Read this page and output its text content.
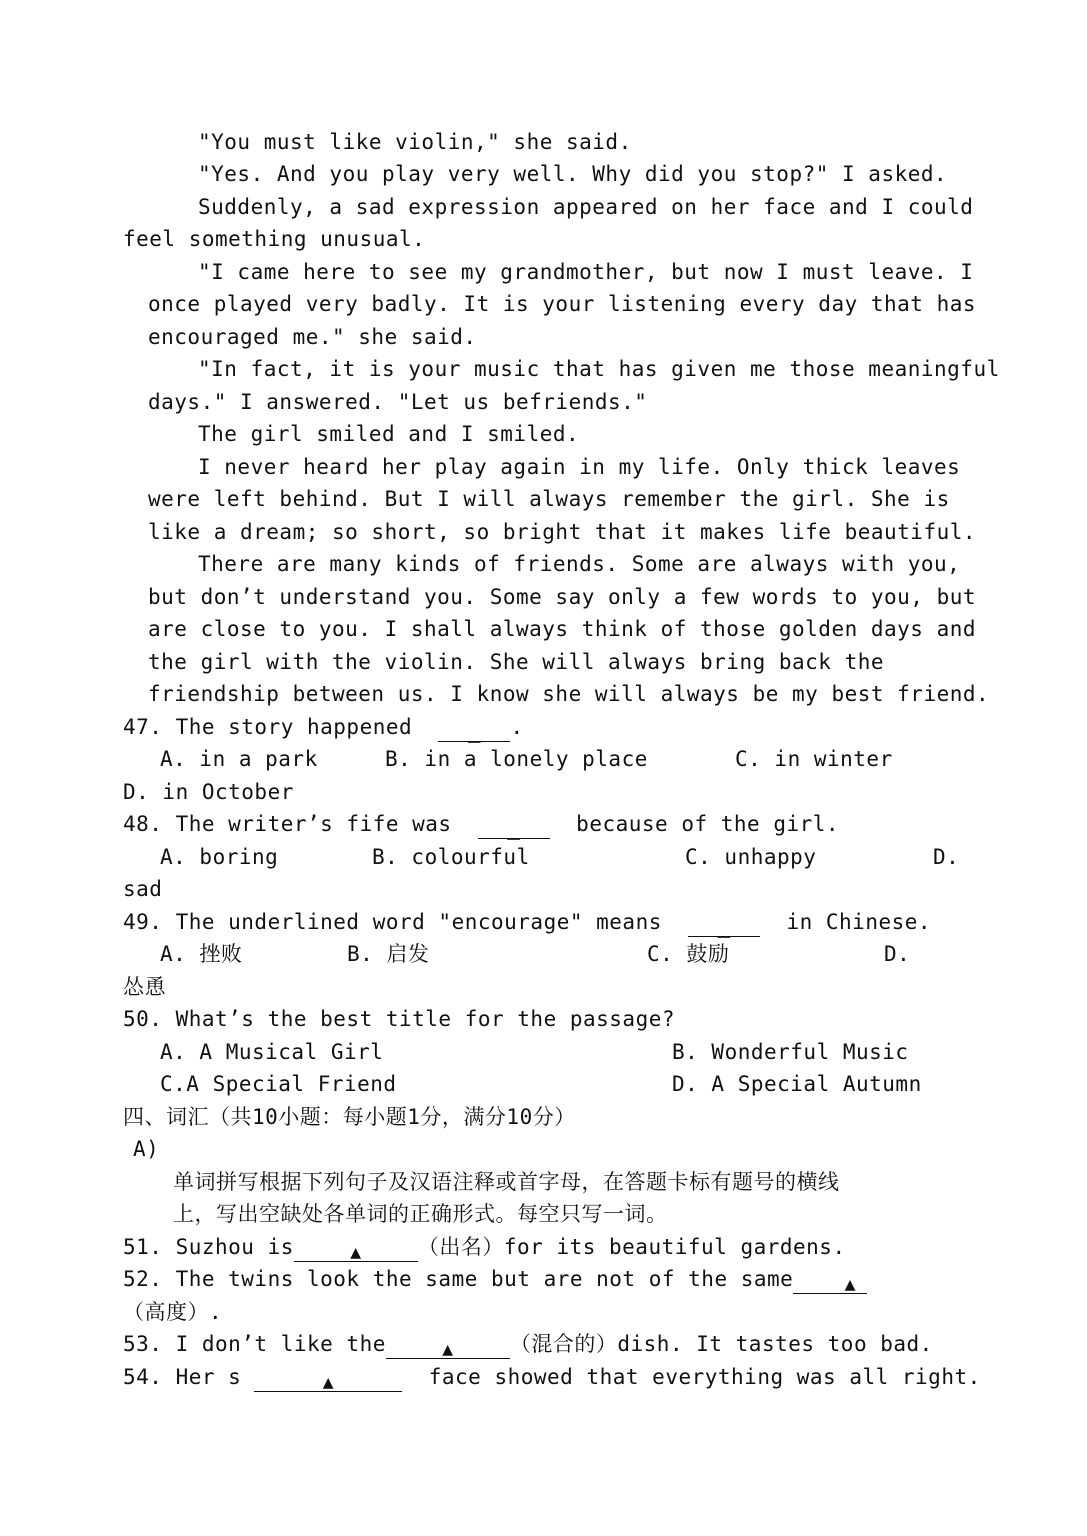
"You must like violin," she said.
"Yes. And you play very well. Why did you stop?" I asked.
Suddenly, a sad expression appeared on her face and I could
feel something unusual.
"I came here to see my grandmother, but now I must leave. I
once played very badly. It is your listening every day that has
encouraged me." she said.
"In fact, it is your music that has given me those meaningful
days." I answered. "Let us befriends."
The girl smiled and I smiled.
I never heard her play again in my life. Only thick leaves
were left behind. But I will always remember the girl. She is
like a dream; so short, so bright that it makes life beautiful.
There are many kinds of friends. Some are always with you,
but don’t understand you. Some say only a few words to you, but
are close to you. I shall always think of those golden days and
the girl with the violin. She will always bring back the
friendship between us. I know she will always be my best friend.
47. The story happened	_ .
A. in a park	B. in a lonely place	C. in winter
D. in October
48. The writer’s fife was	_	because of the girl.
A. boring	B. colourful	C. unhappy	D.
sad
49. The underlined word "encourage" means	_	in Chinese.
A. 挫败	B. 启发	C. 鼓励	D.
怂恿
50. What’s the best title for the passage?
A. A Musical Girl	B. Wonderful Music
C.A Special Friend	D. A Special Autumn
四、词汇（共10小题：每小题1分，满分10分）
A)
单词拼写根据下列句子及汉语注释或首字母，在答题卡标有题号的横线
上，写出空缺处各单词的正确形式。每空只写一词。
51. Suzhou is	▲	（出名）for its beautiful gardens.
52. The twins look the same but are not of the same	▲
（高度）.
53. I don’t like the	▲	（混合的）dish. It tastes too bad.
54. Her s	▲	face showed that everything was all right.
